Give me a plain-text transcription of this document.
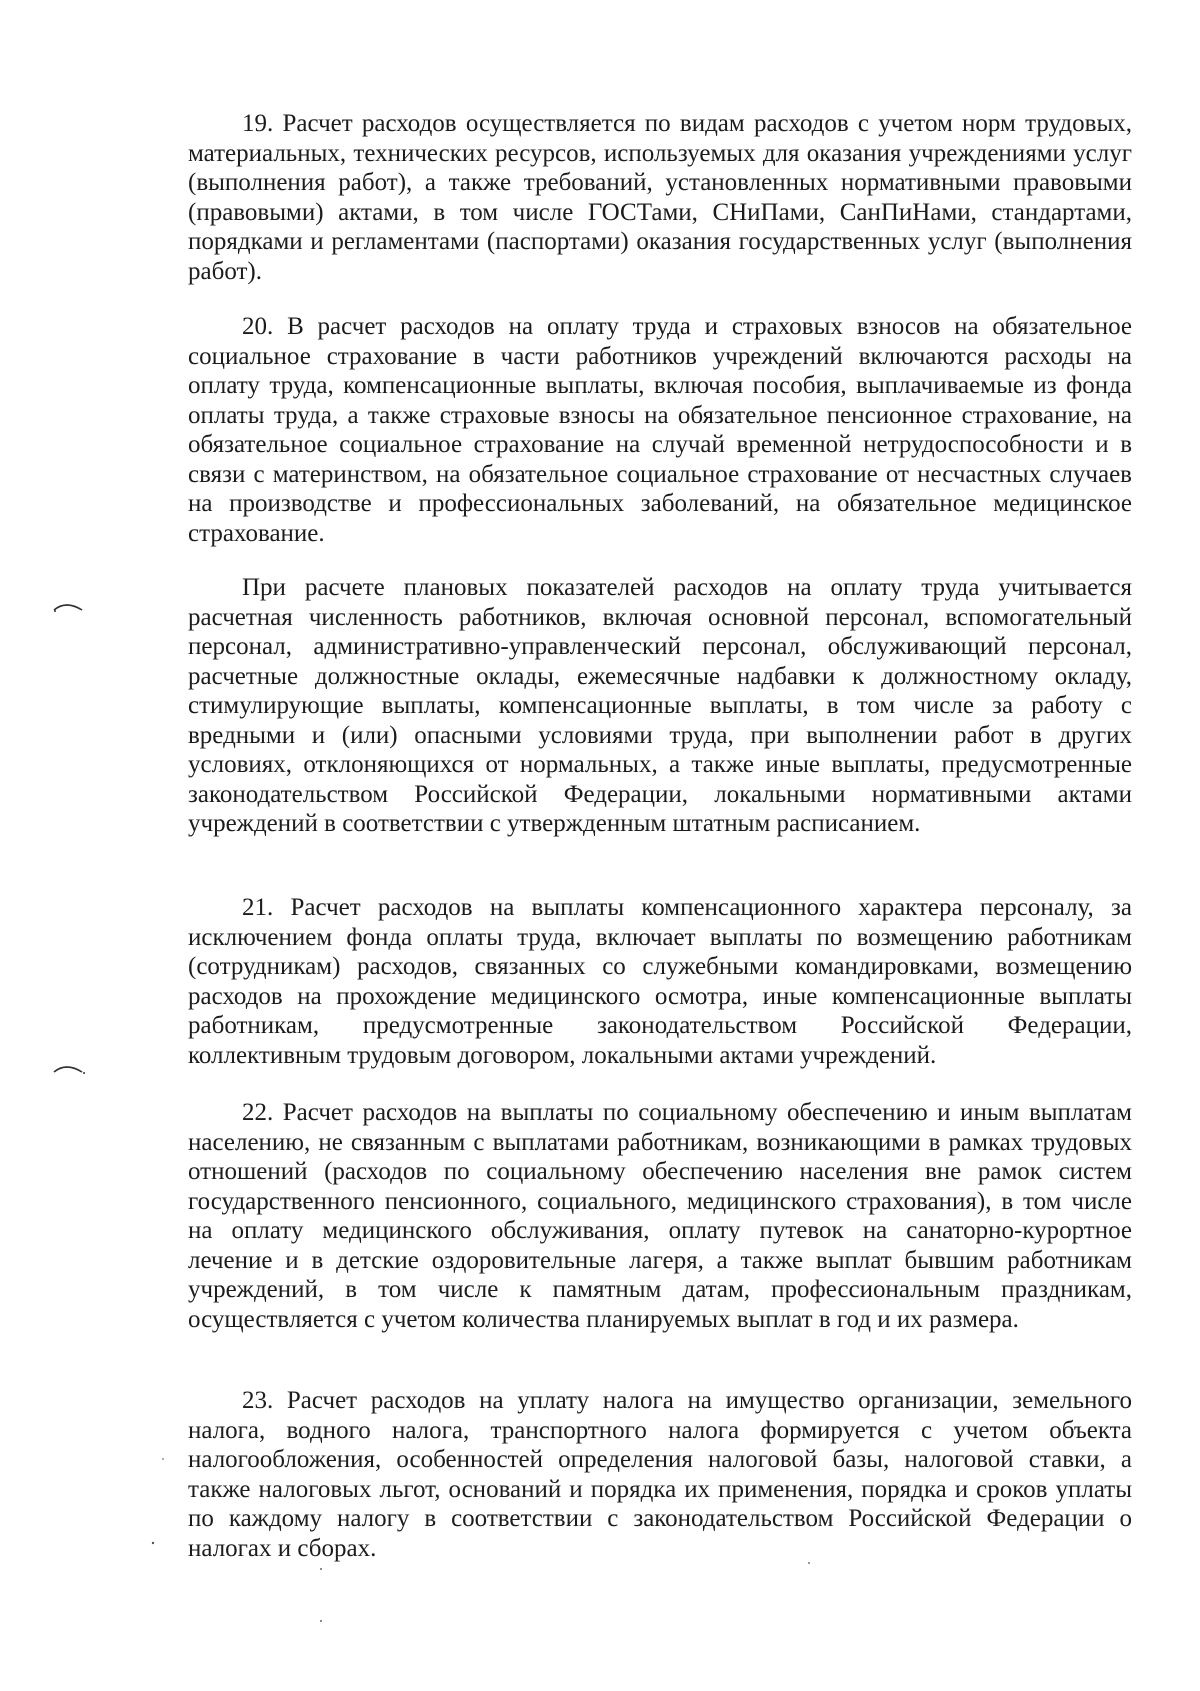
19. Расчет расходов осуществляется по видам расходов с учетом норм трудовых, материальных, технических ресурсов, используемых для оказания учреждениями услуг (выполнения работ), а также требований, установленных нормативными правовыми (правовыми) актами, в том числе ГОСТами, СНиПами, СанПиНами, стандартами, порядками и регламентами (паспортами) оказания государственных услуг (выполнения работ).

20. В расчет расходов на оплату труда и страховых взносов на обязательное социальное страхование в части работников учреждений включаются расходы на оплату труда, компенсационные выплаты, включая пособия, выплачиваемые из фонда оплаты труда, а также страховые взносы на обязательное пенсионное страхование, на обязательное социальное страхование на случай временной нетрудоспособности и в связи с материнством, на обязательное социальное страхование от несчастных случаев на производстве и профессиональных заболеваний, на обязательное медицинское страхование.

При расчете плановых показателей расходов на оплату труда учитывается расчетная численность работников, включая основной персонал, вспомогательный персонал, административно-управленческий персонал, обслуживающий персонал, расчетные должностные оклады, ежемесячные надбавки к должностному окладу, стимулирующие выплаты, компенсационные выплаты, в том числе за работу с вредными и (или) опасными условиями труда, при выполнении работ в других условиях, отклоняющихся от нормальных, а также иные выплаты, предусмотренные законодательством Российской Федерации, локальными нормативными актами учреждений в соответствии с утвержденным штатным расписанием.

21. Расчет расходов на выплаты компенсационного характера персоналу, за исключением фонда оплаты труда, включает выплаты по возмещению работникам (сотрудникам) расходов, связанных со служебными командировками, возмещению расходов на прохождение медицинского осмотра, иные компенсационные выплаты работникам, предусмотренные законодательством Российской Федерации, коллективным трудовым договором, локальными актами учреждений.

22. Расчет расходов на выплаты по социальному обеспечению и иным выплатам населению, не связанным с выплатами работникам, возникающими в рамках трудовых отношений (расходов по социальному обеспечению населения вне рамок систем государственного пенсионного, социального, медицинского страхования), в том числе на оплату медицинского обслуживания, оплату путевок на санаторно-курортное лечение и в детские оздоровительные лагеря, а также выплат бывшим работникам учреждений, в том числе к памятным датам, профессиональным праздникам, осуществляется с учетом количества планируемых выплат в год и их размера.

23. Расчет расходов на уплату налога на имущество организации, земельного налога, водного налога, транспортного налога формируется с учетом объекта налогообложения, особенностей определения налоговой базы, налоговой ставки, а также налоговых льгот, оснований и порядка их применения, порядка и сроков уплаты по каждому налогу в соответствии с законодательством Российской Федерации о налогах и сборах.
